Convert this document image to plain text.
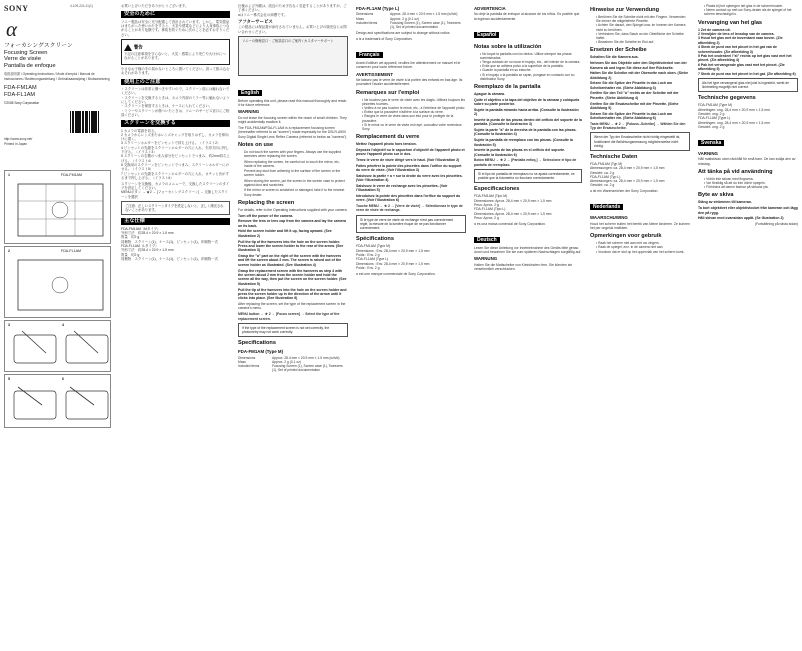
SONY	4-109-224-11(1)
α
フォーカシングスクリーン
Focusing Screen
Verre de visée
Pantalla de enfoque
取扱説明書 / Operating Instructions / Mode d'emploi / Manual de instrucciones / Bedienungsanleitung / Gebruiksaanwijzing / Bruksanvisning
FDA-FM1AM
FDA-FL1AM
©2008 Sony Corporation
http://www.sony.net/
Printed in Japan
1	FDA-FM1AM
2	FDA-FL1AM
3	4
5	6
お買い上げいただきありがとうございます。
安全のために
ソニー製品は安全に充分配慮して設計されています。しかし、電気製品はまちがった使いかたをすると、火災や感電などにより人身事故につながることがあり危険です。事故を防ぐために次のことを必ずお守りください。
警告
下記の注意事項を守らないと、火災・感電により死亡や大けがにつながることがあります。
小さなお子様の手の届かないところに置いてください。誤って飲み込むおそれがあります。
使用上のご注意
・スクリーンは非常に傷つきやすいので、スクリーン面には触れないでください。
・スクリーンを交換するときは、カメラ内部のミラー等に触れないようにしてください。
・スクリーンを保管するときは、ケースに入れてください。
・ミラーやスクリーンが傷ついたときは、ソニーのサービス窓口にご相談ください。
スクリーンを交換する
1 カメラの電源を切る。
2 カメラからレンズまたはレンズキャップを取りはずし、カメラを仰向けに置く。
3 スクリーンホルダーをピンセットで持ち上げる。（イラスト2）
4 ピンセットの先端をスクリーンホルダーの穴に入れ、矢印方向に押し下げる。（イラスト3）
5 スクリーンの右側のつまみ部分をピンセットでつまみ、約2mm持ち上げる。（イラスト4）
6 交換用のスクリーンをピンセットでつまみ、スクリーンホルダーにのせる。（イラスト5）
7 ピンセットの先端をスクリーンホルダーの穴に入れ、カチッと音がするまで押し上げる。（イラスト6）
スクリーンを交換後、カメラのメニューで、交換したスクリーンのタイプを設定してください。
MENUボタン → ★2 → [フォーカシングスクリーン] → 交換したスクリーンを選択
ご注意：正しいスクリーンタイプを設定しないと、正しく測光されないことがあります。
主な仕様
FDA-FM1AM（Mタイプ）
外形寸法　約28.4 × 20.9 × 1.5 mm
質量　約2 g
同梱物　スクリーン(1)、ケース(1)、ピンセット(1)、印刷物一式
FDA-FL1AM（Lタイプ）
外形寸法　約28.4 × 20.9 × 1.5 mm
質量　約2 g
同梱物　スクリーン(1)、ケース(1)、ピンセット(1)、印刷物一式
仕様および外観は、改良のため予告なく変更することがありますが、ご了承ください。
αはソニー株式会社の商標です。
アフターサービス
この製品には保証書が添付されていません。お買い上げの販売店にお問い合わせください。
ソニーの修理窓口・ご相談窓口のご案内 / カスタマーサポート
English
Before operating this unit, please read this manual thoroughly and retain it for future reference.
WARNING
Do not leave the focusing screen within the reach of small children. They might accidentally swallow it.
The FDA-FM1AM/FDA-FL1AM is a replacement focusing screen (hereinafter referred to as "screen") made especially for the DSLR-A900 Sony Digital Single Lens Reflex Camera (referred to below as "camera").
Notes on use
Do not touch the screen with your fingers. Always use the supplied tweezers when replacing the screen.
When replacing the screen, be careful not to touch the mirror, etc. inside of the camera.
Prevent any dust from adhering to the surface of the screen or the screen holder.
When storing the screen, put the screen in the screen case to protect against dust and scratches.
If the mirror or screen is scratched or damaged, take it to the nearest Sony dealer.
Replacing the screen
For details, refer to the Operating Instructions supplied with your camera.
Turn off the power of the camera.
Remove the lens or lens cap from the camera and lay the camera on its back.
Hold the screen holder and lift it up, facing upward. (See illustration 2)
Pull the tip of the tweezers into the hole on the screen holder. Press and lower the screen holder to the rear of the arrow. (See illustration 3)
Grasp the "a" part on the right of the screen with the tweezers and lift the screen about 2 mm. The screen is raised out of the screen holder as illustrated. (See illustration 4)
Grasp the replacement screen with the tweezers as step 4 with the screen about 2 mm from the screen holder and hold the screen all the way, then put the screen on the screen holder. (See illustration 5)
Pull the tip of the tweezers into the hole on the screen holder and press the screen holder up in the direction of the arrow until it clicks into place. (See illustration 6)
After replacing the screen, set the type of the replacement screen in the camera's menu.
MENU button → ★ 2 → [Focus screen] → Select the type of the replacement screen.
If the type of the replacement screen is not set correctly, the photometry may not work correctly.
Specifications
FDA-FM1AM (Type M)
Dimensions	Approx. 28.4 mm × 20.9 mm × 1.5 mm (w/h/d)
Mass	Approx. 2 g (0.1 oz)
Included items	Focusing Screen (1), Screen case (1), Tweezers (1), Set of printed documentation
FDA-FL1AM (Type L)
Dimensions	Approx. 28.4 mm × 20.9 mm × 1.5 mm (w/h/d)
Mass	Approx. 2 g (0.1 oz)
Included items	Focusing Screen (1), Screen case (1), Tweezers (1), Set of printed documentation
Design and specifications are subject to change without notice.
α is a trademark of Sony Corporation.
Français
Avant d'utiliser cet appareil, veuillez lire attentivement ce manuel et le conserver pour toute référence future.
AVERTISSEMENT
Ne laissez pas le verre de visée à la portée des enfants en bas âge. Ils pourraient l'avaler accidentellement.
Remarques sur l'emploi
• Ne touchez pas le verre de visée avec les doigts. Utilisez toujours les pincettes fournies.
• Veillez à ne pas toucher le miroir, etc., à l'intérieur de l'appareil photo.
• Évitez que la poussière n'adhère à la surface du verre.
• Rangez le verre de visée dans son étui pour le protéger de la poussière.
• Si le miroir ou le verre de visée est rayé, consultez votre revendeur Sony.
Remplacement du verre
Mettez l'appareil photo hors tension.
Déposez l'objectif ou le capuchon d'objectif de l'appareil photo et posez l'appareil photo sur le dos.
Tenez le verre de visée dirigé vers le haut. (Voir l'illustration 2)
Faites pénétrer la pointe des pincettes dans l'orifice du support du verre de visée. (Voir l'illustration 3)
Saisissez la partie « a » sur la droite du verre avec les pincettes. (Voir l'illustration 4)
Saisissez le verre de rechange avec les pincettes. (Voir l'illustration 5)
Introduisez la pointe des pincettes dans l'orifice du support du verre. (Voir l'illustration 6)
Touche MENU → ★ 2 → [Verre de visée] → Sélectionnez le type de verre de visée de rechange.
Si le type de verre de visée de rechange n'est pas correctement réglé, la mesure de la lumière risque de ne pas fonctionner correctement.
Spécifications
FDA-FM1AM (Type M)
Dimensions : Env. 28,4 mm × 20,9 mm × 1,5 mm
Poids : Env. 2 g
FDA-FL1AM (Type L)
Dimensions : Env. 28,4 mm × 20,9 mm × 1,5 mm
Poids : Env. 2 g
α est une marque commerciale de Sony Corporation.
ADVERTENCIA
No deje la pantalla de enfoque al alcance de los niños. Es posible que la ingieran accidentalmente.
Español
Notas sobre la utilización
• No toque la pantalla con los dedos. Utilice siempre las pinzas suministradas.
• Tenga cuidado de no tocar el espejo, etc., del interior de la cámara.
• Evite que se adhiera polvo a la superficie de la pantalla.
• Guarde la pantalla en su estuche.
• Si el espejo o la pantalla se rayan, póngase en contacto con su distribuidor Sony.
Reemplazo de la pantalla
Apague la cámara.
Quite el objetivo o la tapa del objetivo de la cámara y colóquela sobre su parte posterior.
Sujete la pantalla mirando hacia arriba. (Consulte la ilustración 2)
Inserte la punta de las pinzas dentro del orificio del soporte de la pantalla. (Consulte la ilustración 3)
Sujete la parte "a" de la derecha de la pantalla con las pinzas. (Consulte la ilustración 4)
Sujete la pantalla de reemplazo con las pinzas. (Consulte la ilustración 5)
Inserte la punta de las pinzas en el orificio del soporte. (Consulte la ilustración 6)
Botón MENU → ★ 2 → [Pantalla enfoq.] → Seleccione el tipo de pantalla de reemplazo.
Si el tipo de pantalla de reemplazo no se ajusta correctamente, es posible que la fotometría no funcione correctamente.
Especificaciones
FDA-FM1AM (Tipo M)
Dimensiones: Aprox. 28,4 mm × 20,9 mm × 1,5 mm
Peso: Aprox. 2 g
FDA-FL1AM (Tipo L)
Dimensiones: Aprox. 28,4 mm × 20,9 mm × 1,5 mm
Peso: Aprox. 2 g
α es una marca comercial de Sony Corporation.
Deutsch
Lesen Sie diese Anleitung vor Inbetriebnahme des Geräts bitte genau durch und bewahren Sie sie zum späteren Nachschlagen sorgfältig auf.
WARNUNG
Halten Sie die Mattscheibe von Kleinkindern fern. Sie könnten sie versehentlich verschlucken.
Hinweise zur Verwendung
• Berühren Sie die Scheibe nicht mit den Fingern. Verwenden Sie immer die mitgelieferte Pinzette.
• Achten Sie darauf, den Spiegel usw. im Inneren der Kamera nicht zu berühren.
• Verhindern Sie, dass Staub an der Oberfläche der Scheibe haftet.
• Bewahren Sie die Scheibe im Etui auf.
Ersetzen der Scheibe
Schalten Sie die Kamera aus.
Nehmen Sie das Objektiv oder den Objektivdeckel von der Kamera ab und legen Sie diese auf ihre Rückseite.
Halten Sie die Scheibe mit der Oberseite nach oben. (Siehe Abbildung 2)
Setzen Sie die Spitze der Pinzette in das Loch am Scheibenhalter ein. (Siehe Abbildung 3)
Greifen Sie den Teil "a" rechts an der Scheibe mit der Pinzette. (Siehe Abbildung 4)
Greifen Sie die Ersatzscheibe mit der Pinzette. (Siehe Abbildung 5)
Setzen Sie die Spitze der Pinzette in das Loch am Scheibenhalter ein. (Siehe Abbildung 6)
Taste MENU → ★ 2 → [Fokuss.-Scheibe] → Wählen Sie den Typ der Ersatzscheibe.
Wenn der Typ der Ersatzscheibe nicht richtig eingestellt ist, funktioniert die Belichtungsmessung möglicherweise nicht richtig.
Technische Daten
FDA-FM1AM (Typ M)
Abmessungen: ca. 28,4 mm × 20,9 mm × 1,5 mm
Gewicht: ca. 2 g
FDA-FL1AM (Typ L)
Abmessungen: ca. 28,4 mm × 20,9 mm × 1,5 mm
Gewicht: ca. 2 g
α ist ein Warenzeichen der Sony Corporation.
Nederlands
WAARSCHUWING
Houd het scherm buiten het bereik van kleine kinderen. Ze kunnen het per ongeluk inslikken.
Opmerkingen voor gebruik
• Raak het scherm niet aan met uw vingers.
• Raak de spiegel, enz. in de camera niet aan.
• Voorkom dat er stof op het oppervlak van het scherm komt.
• Plaats bij het opbergen het glas in de schermhouder.
• Neem contact op met uw Sony-dealer als de spiegel of het scherm beschadigd is.
Vervanging van het glas
1 Zet de camera uit.
2 Verwijder de lens of lensdop van de camera.
3 Houd het glas met de bovenkant naar boven. (Zie afbeelding 2)
4 Steek de punt van het pincet in het gat van de schermhouder. (Zie afbeelding 3)
5 Pak het onderdeel \"a\" rechts op het glas vast met het pincet. (Zie afbeelding 4)
6 Pak het vervangende glas vast met het pincet. (Zie afbeelding 5)
7 Steek de punt van het pincet in het gat. (Zie afbeelding 6)
Als het type vervangend glas niet juist is ingesteld, werkt de lichtmeting mogelijk niet correct.
Technische gegevens
FDA-FM1AM (Type M)
Afmetingen: ong. 28,4 mm × 20,9 mm × 1,5 mm
Gewicht: ong. 2 g
FDA-FL1AM (Type L)
Afmetingen: ong. 28,4 mm × 20,9 mm × 1,5 mm
Gewicht: ong. 2 g
Svenska
VARNING
Håll mattskivan utom räckhåll för små barn. De kan svälja den av misstag.
Att tänka på vid användning
• Vidrör inte skivan med fingrarna.
• Var försiktig så att du inte vidrör spegeln.
• Förhindra att damm fastnar på skivans yta.
Byte av skiva
Stäng av strömmen till kameran.
Ta bort objektivet eller objektivlocket från kameran och lägg den på rygg.
Håll skivan med ovansidan uppåt. (Se illustration 2)
(Fortsättning på nästa sidan)
